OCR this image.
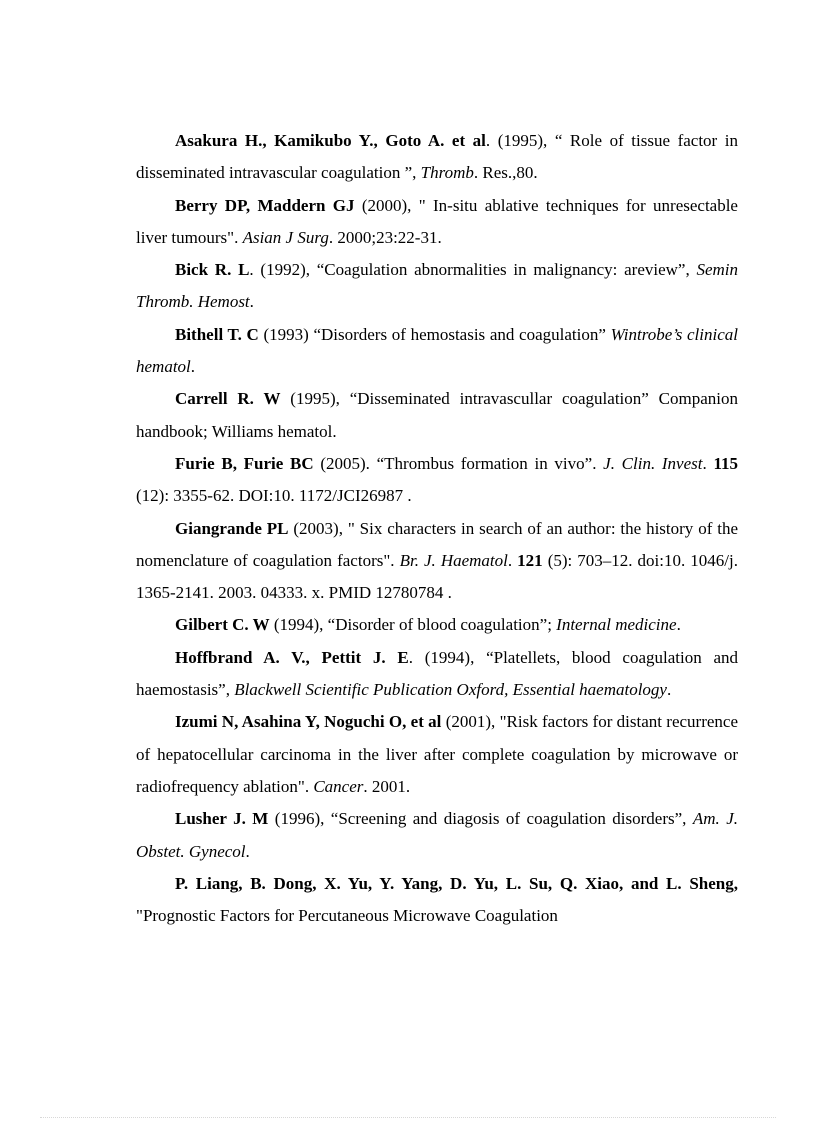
Asakura H., Kamikubo Y., Goto A. et al. (1995), “ Role of tissue factor in disseminated intravascular coagulation ”, Thromb. Res.,80.

Berry DP, Maddern GJ (2000), " In-situ ablative techniques for unresectable liver tumours". Asian J Surg. 2000;23:22-31.

Bick R. L. (1992), “Coagulation abnormalities in malignancy: areview”, Semin Thromb. Hemost.

Bithell T. C (1993) “Disorders of hemostasis and coagulation” Wintrobe’s clinical hematol.

Carrell R. W (1995), “Disseminated intravascullar coagulation” Companion handbook; Williams hematol.

Furie B, Furie BC (2005). “Thrombus formation in vivo”. J. Clin. Invest. 115 (12): 3355-62. DOI:10. 1172/JCI26987 .

Giangrande PL (2003), " Six characters in search of an author: the history of the nomenclature of coagulation factors". Br. J. Haematol. 121 (5): 703–12. doi:10. 1046/j. 1365-2141. 2003. 04333. x. PMID 12780784 .

Gilbert C. W (1994), “Disorder of blood coagulation”; Internal medicine.

Hoffbrand A. V., Pettit J. E. (1994), “Platellets, blood coagulation and haemostasis”, Blackwell Scientific Publication Oxford, Essential haematology.

Izumi N, Asahina Y, Noguchi O, et al (2001), "Risk factors for distant recurrence of hepatocellular carcinoma in the liver after complete coagulation by microwave or radiofrequency ablation". Cancer. 2001.

Lusher J. M (1996), “Screening and diagosis of coagulation disorders”, Am. J. Obstet. Gynecol.

P. Liang, B. Dong, X. Yu, Y. Yang, D. Yu, L. Su, Q. Xiao, and L. Sheng, "Prognostic Factors for Percutaneous Microwave Coagulation
